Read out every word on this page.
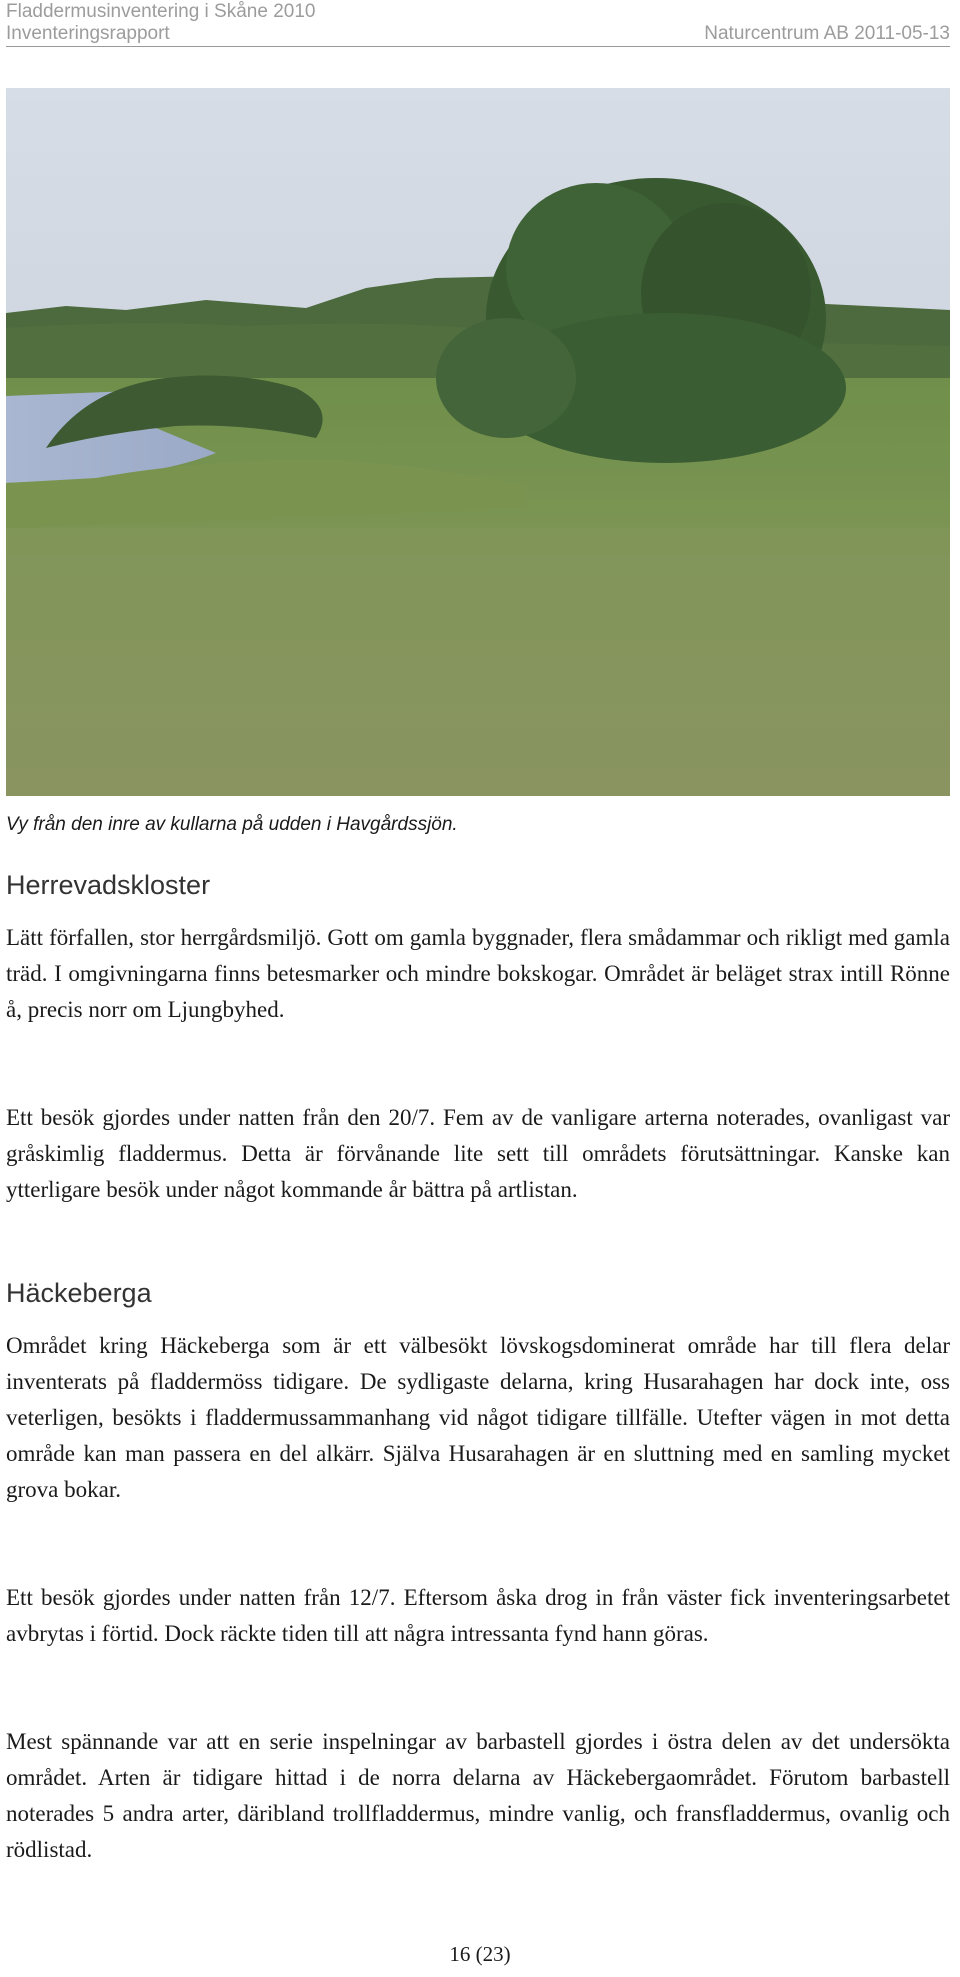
Fladdermusinventering i Skåne 2010
Inventeringsrapport	Naturcentrum AB 2011-05-13
Vy från den inre av kullarna på udden i Havgårdssjön.
Herrevadskloster

Lätt förfallen, stor herrgårdsmiljö. Gott om gamla byggnader, flera smådammar och rikligt med gamla träd. I omgivningarna finns betesmarker och mindre bokskogar. Området är beläget strax intill Rönne å, precis norr om Ljungbyhed.

Ett besök gjordes under natten från den 20/7. Fem av de vanligare arterna noterades, ovanligast var gråskimlig fladdermus. Detta är förvånande lite sett till områdets förutsättningar. Kanske kan ytterligare besök under något kommande år bättra på artlistan.

Häckeberga

Området kring Häckeberga som är ett välbesökt lövskogsdominerat område har till flera delar inventerats på fladdermöss tidigare. De sydligaste delarna, kring Husarahagen har dock inte, oss veterligen, besökts i fladdermussammanhang vid något tidigare tillfälle. Utefter vägen in mot detta område kan man passera en del alkärr. Själva Husarahagen är en sluttning med en samling mycket grova bokar.

Ett besök gjordes under natten från 12/7. Eftersom åska drog in från väster fick inventeringsarbetet avbrytas i förtid. Dock räckte tiden till att några intressanta fynd hann göras.

Mest spännande var att en serie inspelningar av barbastell gjordes i östra delen av det undersökta området. Arten är tidigare hittad i de norra delarna av Häckebergaområdet. Förutom barbastell noterades 5 andra arter, däribland trollfladdermus, mindre vanlig, och fransfladdermus, ovanlig och rödlistad.

16 (23)
